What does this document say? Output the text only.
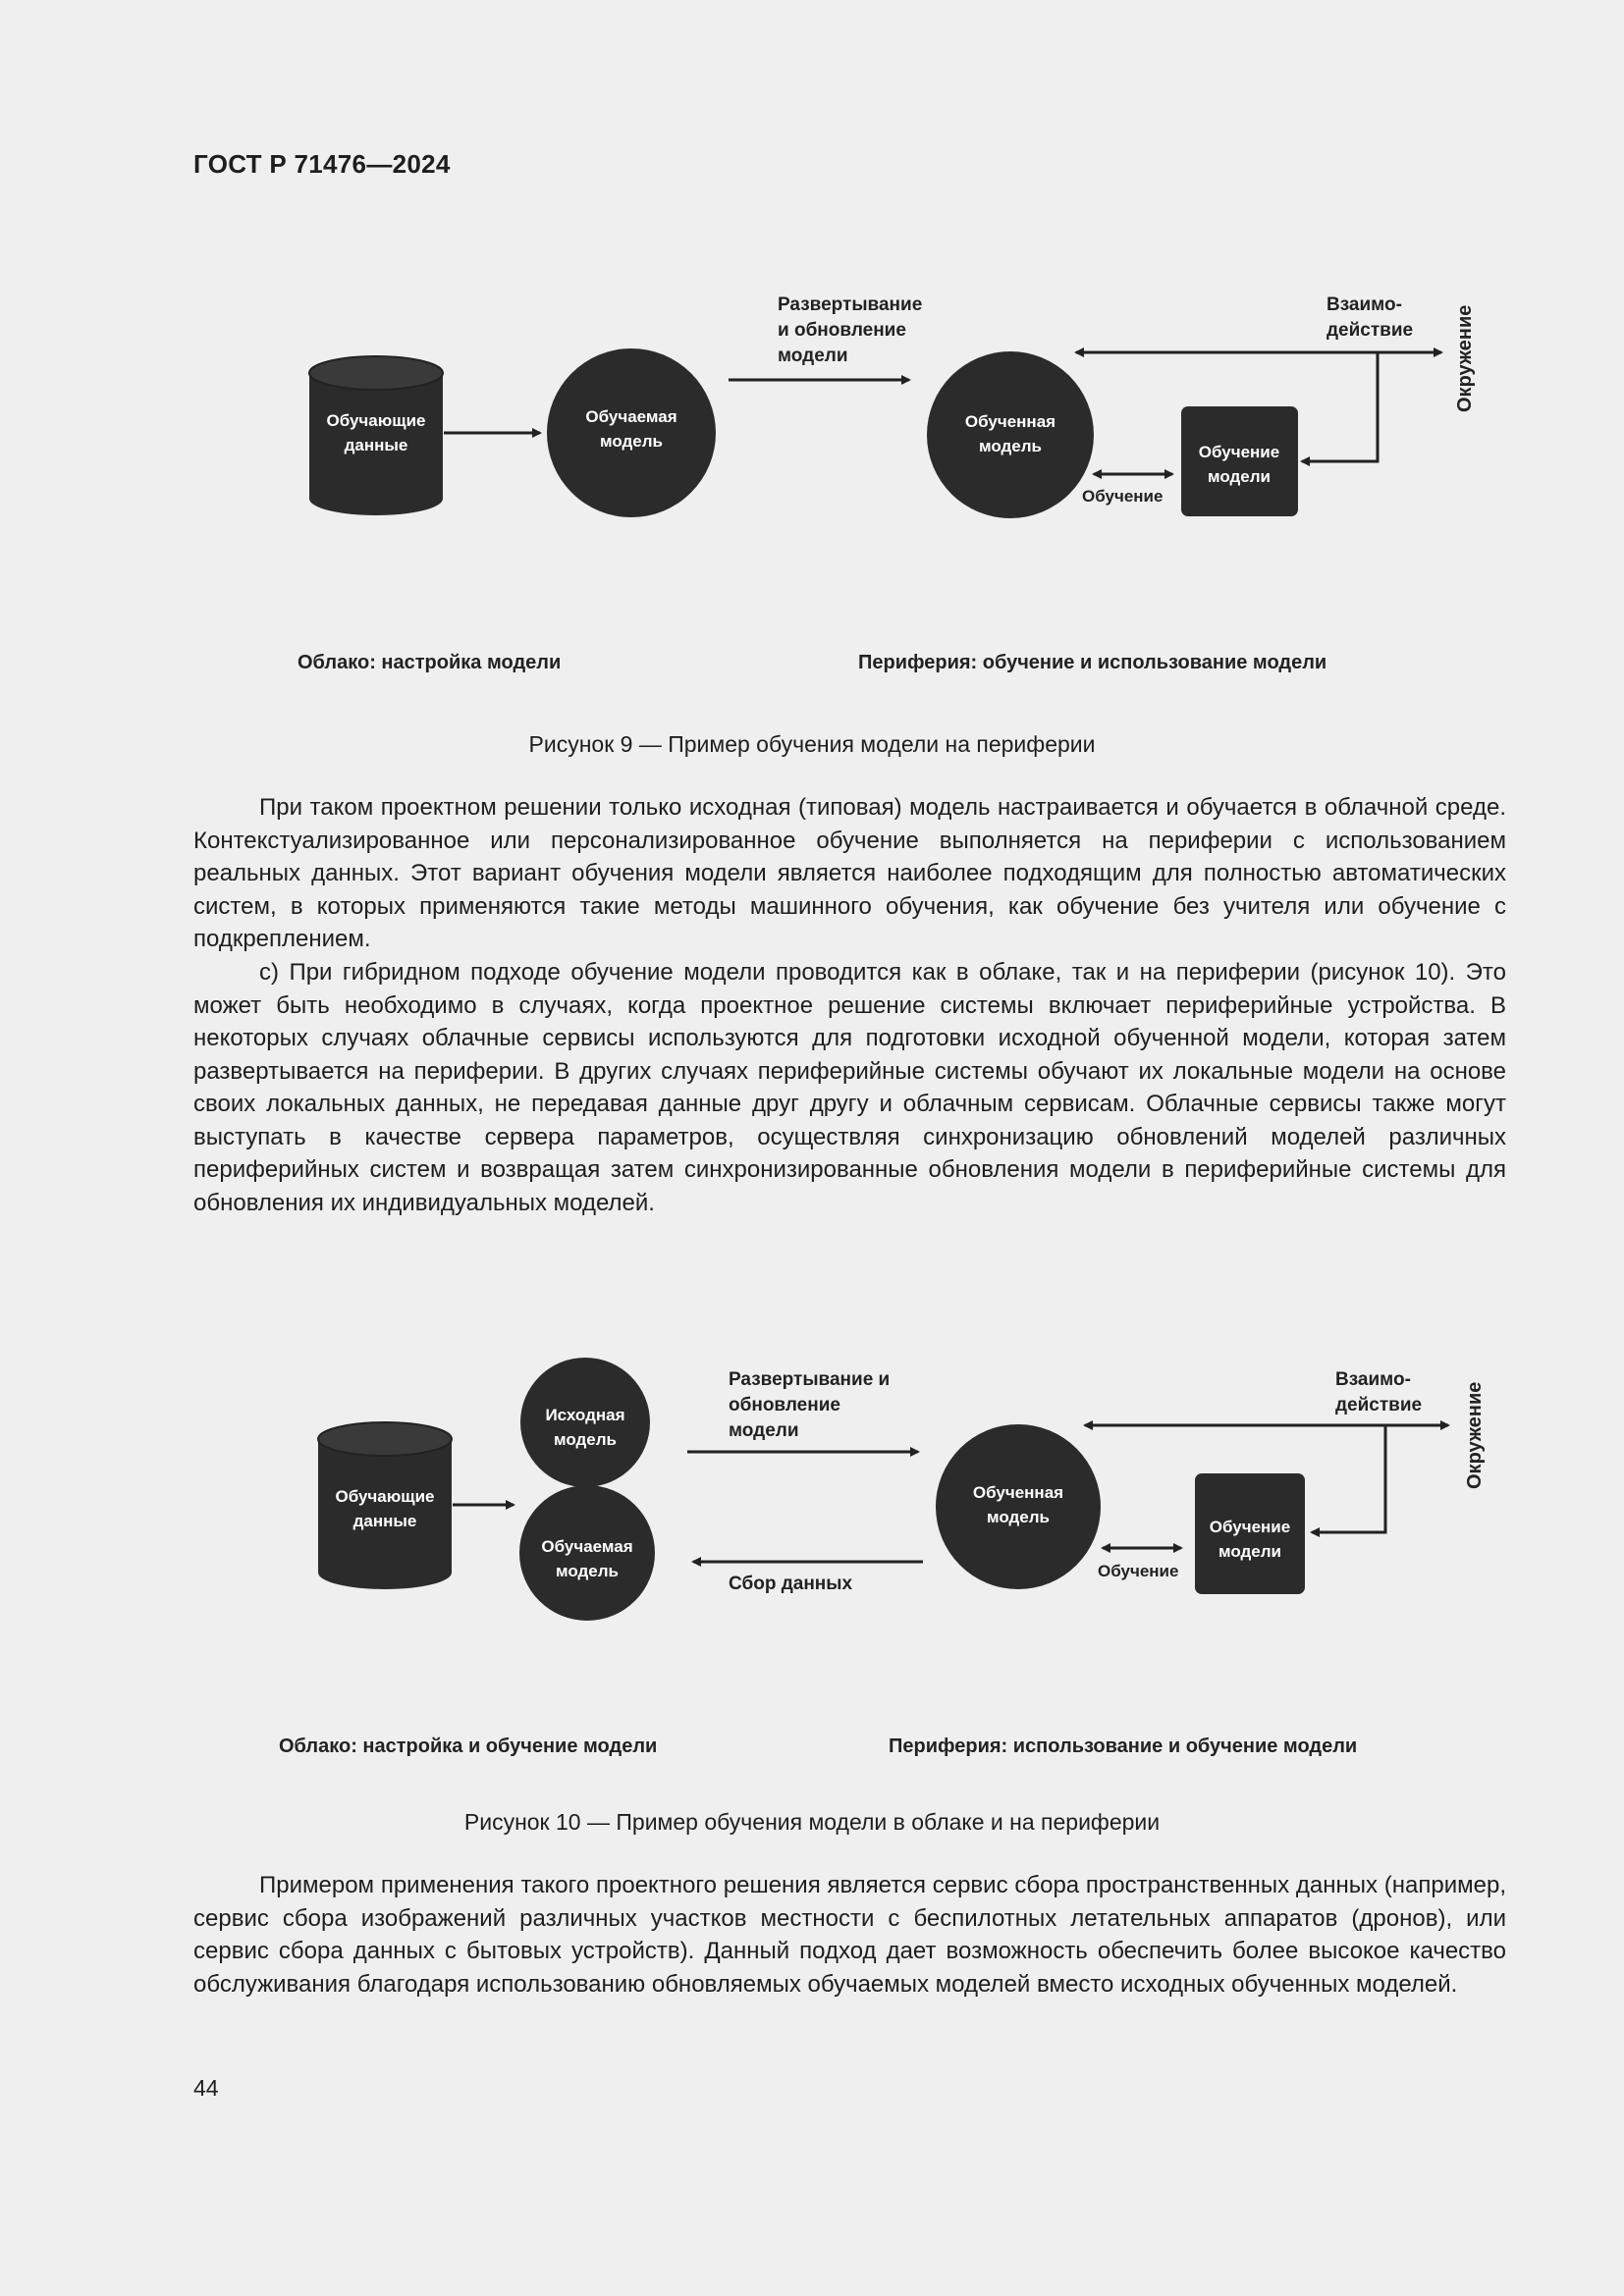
ГОСТ Р 71476—2024
Обучающие
данные
Обучаемая
модель
Развертывание
и обновление
модели
Обученная
модель
Взаимо-
действие Окружение
Обучение
модели
Обучение
Облако: настройка модели	Периферия: обучение и использование модели
Рисунок 9 — Пример обучения модели на периферии

При таком проектном решении только исходная (типовая) модель настраивается и обучается в облачной среде. Контекстуализированное или персонализированное обучение выполняется на периферии с использованием реальных данных. Этот вариант обучения модели является наиболее подходящим для полностью автоматических систем, в которых применяются такие методы машинного обучения, как обучение без учителя или обучение с подкреплением.

c) При гибридном подходе обучение модели проводится как в облаке, так и на периферии (рисунок 10). Это может быть необходимо в случаях, когда проектное решение системы включает периферийные устройства. В некоторых случаях облачные сервисы используются для подготовки исходной обученной модели, которая затем развертывается на периферии. В других случаях периферийные системы обучают их локальные модели на основе своих локальных данных, не передавая данные друг другу и облачным сервисам. Облачные сервисы также могут выступать в качестве сервера параметров, осуществляя синхронизацию обновлений моделей различных периферийных систем и возвращая затем синхронизированные обновления модели в периферийные системы для обновления их индивидуальных моделей.

Обучающие
данные
Исходная
модель
Обучаемая
модель
Развертывание и
обновление
модели
Сбор данных
Обученная
модель
Взаимо-
действие Окружение
Обучение
модели
Обучение
Облако: настройка и обучение модели	Периферия: использование и обучение модели
Рисунок 10 — Пример обучения модели в облаке и на периферии

Примером применения такого проектного решения является сервис сбора пространственных данных (например, сервис сбора изображений различных участков местности с беспилотных летательных аппаратов (дронов), или сервис сбора данных с бытовых устройств). Данный подход дает возможность обеспечить более высокое качество обслуживания благодаря использованию обновляемых обучаемых моделей вместо исходных обученных моделей.

44
